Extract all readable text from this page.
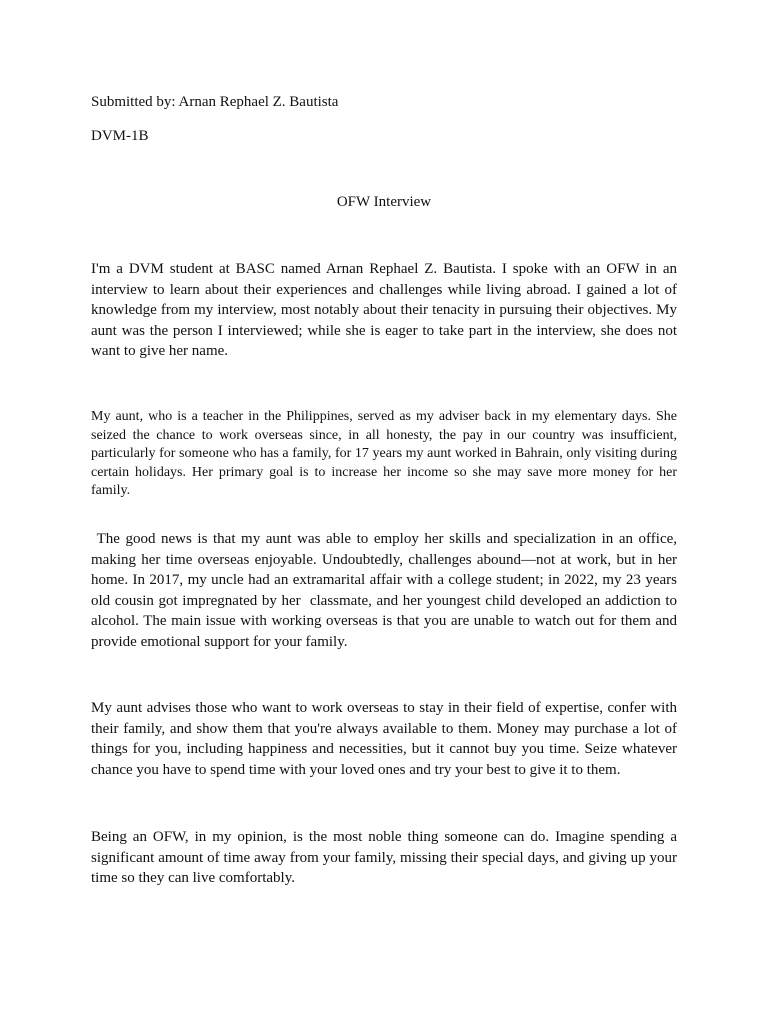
Submitted by: Arnan Rephael Z. Bautista
DVM-1B
OFW Interview

I'm a DVM student at BASC named Arnan Rephael Z. Bautista. I spoke with an OFW in an interview to learn about their experiences and challenges while living abroad. I gained a lot of knowledge from my interview, most notably about their tenacity in pursuing their objectives. My aunt was the person I interviewed; while she is eager to take part in the interview, she does not want to give her name.

My aunt, who is a teacher in the Philippines, served as my adviser back in my elementary days. She seized the chance to work overseas since, in all honesty, the pay in our country was insufficient, particularly for someone who has a family, for 17 years my aunt worked in Bahrain, only visiting during certain holidays. Her primary goal is to increase her income so she may save more money for her family.

The good news is that my aunt was able to employ her skills and specialization in an office, making her time overseas enjoyable. Undoubtedly, challenges abound—not at work, but in her home. In 2017, my uncle had an extramarital affair with a college student; in 2022, my 23 years old cousin got impregnated by her  classmate, and her youngest child developed an addiction to alcohol. The main issue with working overseas is that you are unable to watch out for them and provide emotional support for your family.

My aunt advises those who want to work overseas to stay in their field of expertise, confer with their family, and show them that you're always available to them. Money may purchase a lot of things for you, including happiness and necessities, but it cannot buy you time. Seize whatever chance you have to spend time with your loved ones and try your best to give it to them.

Being an OFW, in my opinion, is the most noble thing someone can do. Imagine spending a significant amount of time away from your family, missing their special days, and giving up your time so they can live comfortably.
